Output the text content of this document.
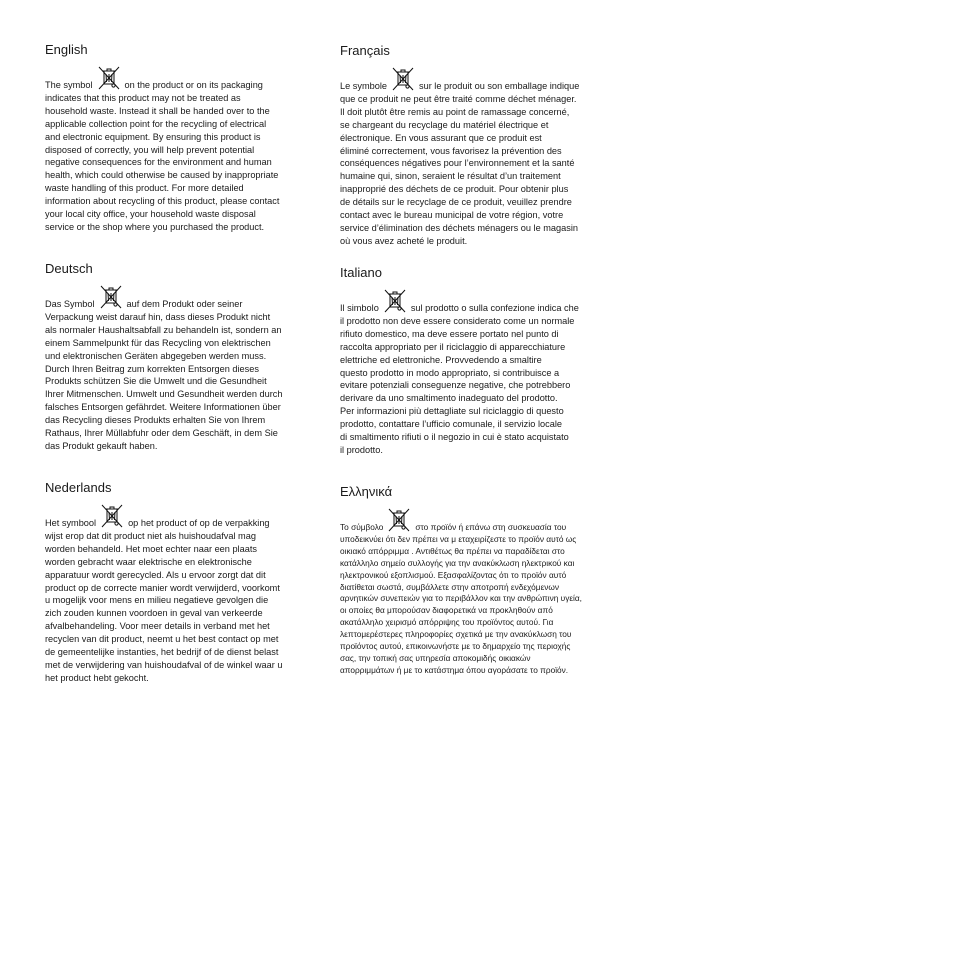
English
The symbol	on the product or on its packaging
indicates that this product may not be treated as
household waste. Instead it shall be handed over to the
applicable collection point for the recycling of electrical
and electronic equipment. By ensuring this product is
disposed of correctly, you will help prevent potential
negative consequences for the environment and human
health, which could otherwise be caused by inappropriate
waste handling of this product. For more detailed
information about recycling of this product, please contact
your local city office, your household waste disposal
service or the shop where you purchased the product.
Deutsch
Das Symbol	auf dem Produkt oder seiner
Verpackung weist darauf hin, dass dieses Produkt nicht
als normaler Haushaltsabfall zu behandeln ist, sondern an
einem Sammelpunkt für das Recycling von elektrischen
und elektronischen Geräten abgegeben werden muss.
Durch Ihren Beitrag zum korrekten Entsorgen dieses
Produkts schützen Sie die Umwelt und die Gesundheit
Ihrer Mitmenschen. Umwelt und Gesundheit werden durch
falsches Entsorgen gefährdet. Weitere Informationen über
das Recycling dieses Produkts erhalten Sie von Ihrem
Rathaus, Ihrer Müllabfuhr oder dem Geschäft, in dem Sie
das Produkt gekauft haben.
Nederlands
Het symbool	op het product of op de verpakking
wijst erop dat dit product niet als huishoudafval mag
worden behandeld. Het moet echter naar een plaats
worden gebracht waar elektrische en elektronische
apparatuur wordt gerecycled. Als u ervoor zorgt dat dit
product op de correcte manier wordt verwijderd, voorkomt
u mogelijk voor mens en milieu negatieve gevolgen die
zich zouden kunnen voordoen in geval van verkeerde
afvalbehandeling. Voor meer details in verband met het
recyclen van dit product, neemt u het best contact op met
de gemeentelijke instanties, het bedrijf of de dienst belast
met de verwijdering van huishoudafval of de winkel waar u
het product hebt gekocht.
Français
Le symbole	sur le produit ou son emballage indique
que ce produit ne peut être traité comme déchet ménager.
Il doit plutôt être remis au point de ramassage concerné,
se chargeant du recyclage du matériel électrique et
électronique. En vous assurant que ce produit est
éliminé correctement, vous favorisez la prévention des
conséquences négatives pour l’environnement et la santé
humaine qui, sinon, seraient le résultat d’un traitement
inapproprié des déchets de ce produit. Pour obtenir plus
de détails sur le recyclage de ce produit, veuillez prendre
contact avec le bureau municipal de votre région, votre
service d’élimination des déchets ménagers ou le magasin
où vous avez acheté le produit.
Italiano
Il simbolo	sul prodotto o sulla confezione indica che
il prodotto non deve essere considerato come un normale
rifiuto domestico, ma deve essere portato nel punto di
raccolta appropriato per il riciclaggio di apparecchiature
elettriche ed elettroniche. Provvedendo a smaltire
questo prodotto in modo appropriato, si contribuisce a
evitare potenziali conseguenze negative, che potrebbero
derivare da uno smaltimento inadeguato del prodotto.
Per informazioni più dettagliate sul riciclaggio di questo
prodotto, contattare l’ufficio comunale, il servizio locale
di smaltimento rifiuti o il negozio in cui è stato acquistato
il prodotto.
Ελληνικά
Το σύμβολο	στο προϊόν ή επάνω στη συσκευασία του
υποδεικνύει ότι δεν πρέπει να μ εταχειρίζεστε το προϊόν αυτό ως
οικιακό απόρριμμα . Αντιθέτως θα πρέπει να παραδίδεται στο
κατάλληλο σημείο συλλογής για την ανακύκλωση ηλεκτρικού και
ηλεκτρονικού εξοπλισμού. Εξασφαλίζοντας ότι το προϊόν αυτό
διατίθεται σωστά, συμβάλλετε στην αποτροπή ενδεχόμενων
αρνητικών συνεπειών για το περιβάλλον και την ανθρώπινη υγεία,
οι οποίες θα μπορούσαν διαφορετικά να προκληθούν από
ακατάλληλο χειρισμό απόρριψης του προϊόντος αυτού. Για
λεπτομερέστερες πληροφορίες σχετικά με την ανακύκλωση του
προϊόντος αυτού, επικοινωνήστε με το δημαρχείο της περιοχής
σας, την τοπική σας υπηρεσία αποκομιδής οικιακών
απορριμμάτων ή με το κατάστημα όπου αγοράσατε το προϊόν.
